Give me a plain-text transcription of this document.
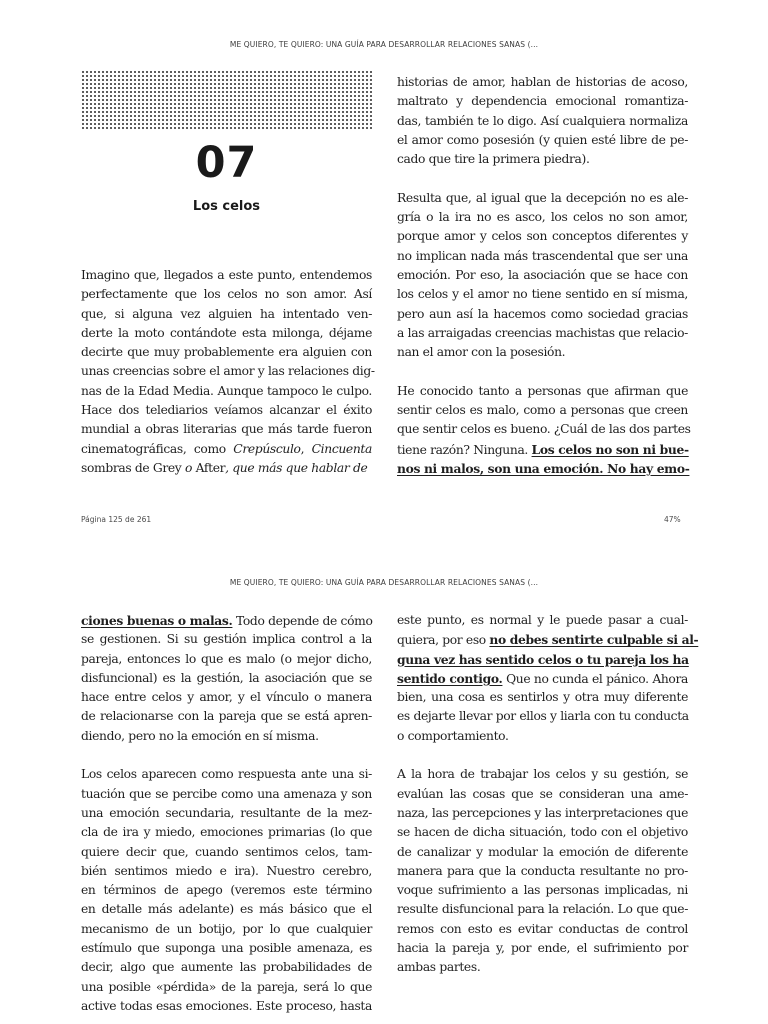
ME QUIERO, TE QUIERO: UNA GUÍA PARA DESARROLLAR RELACIONES SANAS (...
07
Los celos
Imagino que, llegados a este punto, entendemos
perfectamente que los celos no son amor. Así
que, si alguna vez alguien ha intentado ven-
derte la moto contándote esta milonga, déjame
decirte que muy probablemente era alguien con
unas creencias sobre el amor y las relaciones dig-
nas de la Edad Media. Aunque tampoco le culpo.
Hace dos telediarios veíamos alcanzar el éxito
mundial a obras literarias que más tarde fueron
cinematográficas, como Crepúsculo, Cincuenta
sombras de Grey o After, que más que hablar de
historias de amor, hablan de historias de acoso,
maltrato y dependencia emocional romantiza-
das, también te lo digo. Así cualquiera normaliza
el amor como posesión (y quien esté libre de pe-
cado que tire la primera piedra).
Resulta que, al igual que la decepción no es ale-
gría o la ira no es asco, los celos no son amor,
porque amor y celos son conceptos diferentes y
no implican nada más trascendental que ser una
emoción. Por eso, la asociación que se hace con
los celos y el amor no tiene sentido en sí misma,
pero aun así la hacemos como sociedad gracias
a las arraigadas creencias machistas que relacio-
nan el amor con la posesión.
He conocido tanto a personas que afirman que
sentir celos es malo, como a personas que creen
que sentir celos es bueno. ¿Cuál de las dos partes
tiene razón? Ninguna. Los celos no son ni bue-
nos ni malos, son una emoción. No hay emo-
Página 125 de 261	47%
ME QUIERO, TE QUIERO: UNA GUÍA PARA DESARROLLAR RELACIONES SANAS (...
ciones buenas o malas. Todo depende de cómo
se gestionen. Si su gestión implica control a la
pareja, entonces lo que es malo (o mejor dicho,
disfuncional) es la gestión, la asociación que se
hace entre celos y amor, y el vínculo o manera
de relacionarse con la pareja que se está apren-
diendo, pero no la emoción en sí misma.
Los celos aparecen como respuesta ante una si-
tuación que se percibe como una amenaza y son
una emoción secundaria, resultante de la mez-
cla de ira y miedo, emociones primarias (lo que
quiere decir que, cuando sentimos celos, tam-
bién sentimos miedo e ira). Nuestro cerebro,
en términos de apego (veremos este término
en detalle más adelante) es más básico que el
mecanismo de un botijo, por lo que cualquier
estímulo que suponga una posible amenaza, es
decir, algo que aumente las probabilidades de
una posible «pérdida» de la pareja, será lo que
active todas esas emociones. Este proceso, hasta
este punto, es normal y le puede pasar a cual-
quiera, por eso no debes sentirte culpable si al-
guna vez has sentido celos o tu pareja los ha
sentido contigo. Que no cunda el pánico. Ahora
bien, una cosa es sentirlos y otra muy diferente
es dejarte llevar por ellos y liarla con tu conducta
o comportamiento.
A la hora de trabajar los celos y su gestión, se
evalúan las cosas que se consideran una ame-
naza, las percepciones y las interpretaciones que
se hacen de dicha situación, todo con el objetivo
de canalizar y modular la emoción de diferente
manera para que la conducta resultante no pro-
voque sufrimiento a las personas implicadas, ni
resulte disfuncional para la relación. Lo que que-
remos con esto es evitar conductas de control
hacia la pareja y, por ende, el sufrimiento por
ambas partes.
